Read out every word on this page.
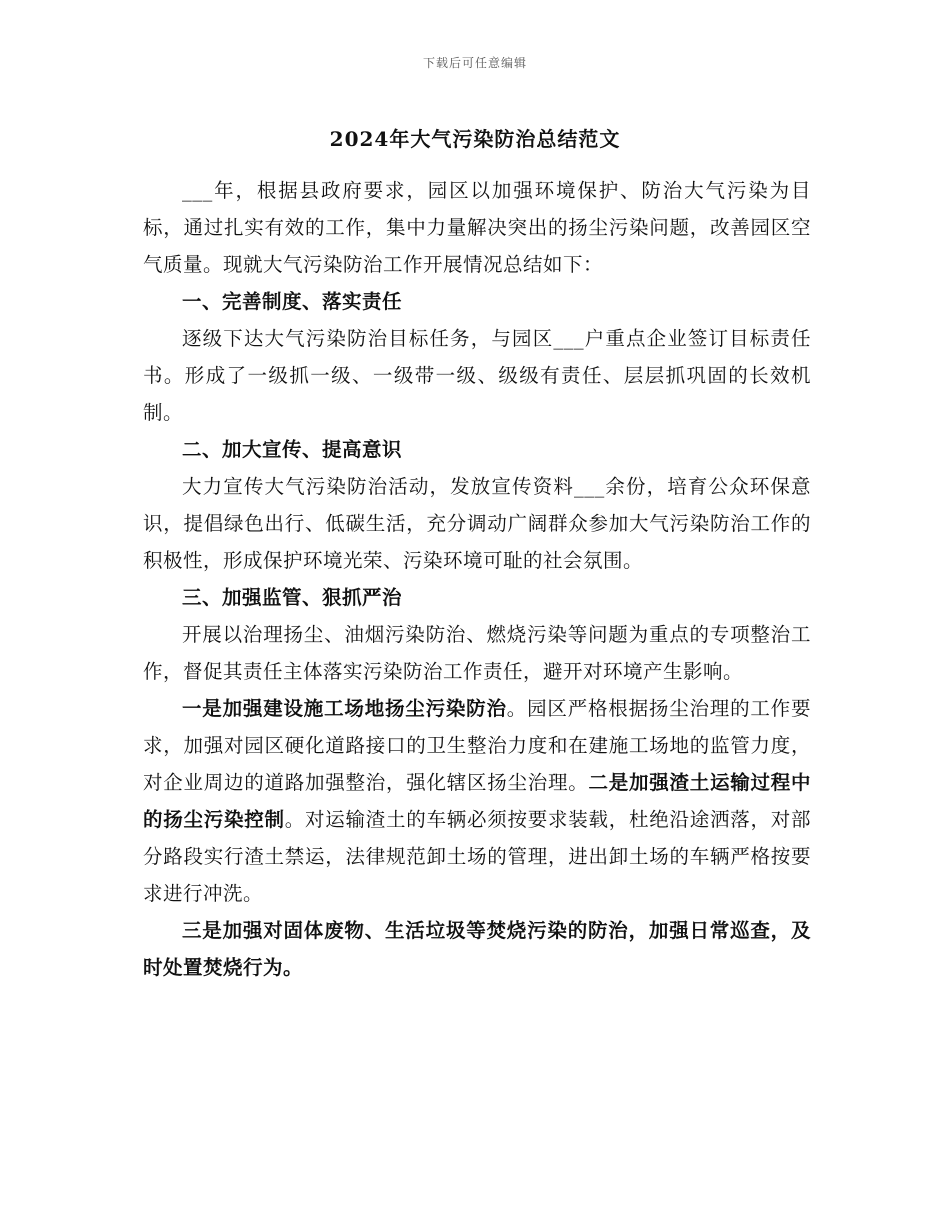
下载后可任意编辑
2024年大气污染防治总结范文

___年，根据县政府要求，园区以加强环境保护、防治大气污染为目标，通过扎实有效的工作，集中力量解决突出的扬尘污染问题，改善园区空气质量。现就大气污染防治工作开展情况总结如下：

一、完善制度、落实责任

逐级下达大气污染防治目标任务，与园区___户重点企业签订目标责任书。形成了一级抓一级、一级带一级、级级有责任、层层抓巩固的长效机制。

二、加大宣传、提高意识

大力宣传大气污染防治活动，发放宣传资料___余份，培育公众环保意识，提倡绿色出行、低碳生活，充分调动广阔群众参加大气污染防治工作的积极性，形成保护环境光荣、污染环境可耻的社会氛围。

三、加强监管、狠抓严治

开展以治理扬尘、油烟污染防治、燃烧污染等问题为重点的专项整治工作，督促其责任主体落实污染防治工作责任，避开对环境产生影响。

一是加强建设施工场地扬尘污染防治。园区严格根据扬尘治理的工作要求，加强对园区硬化道路接口的卫生整治力度和在建施工场地的监管力度，对企业周边的道路加强整治，强化辖区扬尘治理。二是加强渣土运输过程中的扬尘污染控制。对运输渣土的车辆必须按要求装载，杜绝沿途洒落，对部分路段实行渣土禁运，法律规范卸土场的管理，进出卸土场的车辆严格按要求进行冲洗。

三是加强对固体废物、生活垃圾等焚烧污染的防治，加强日常巡查，及时处置焚烧行为。
